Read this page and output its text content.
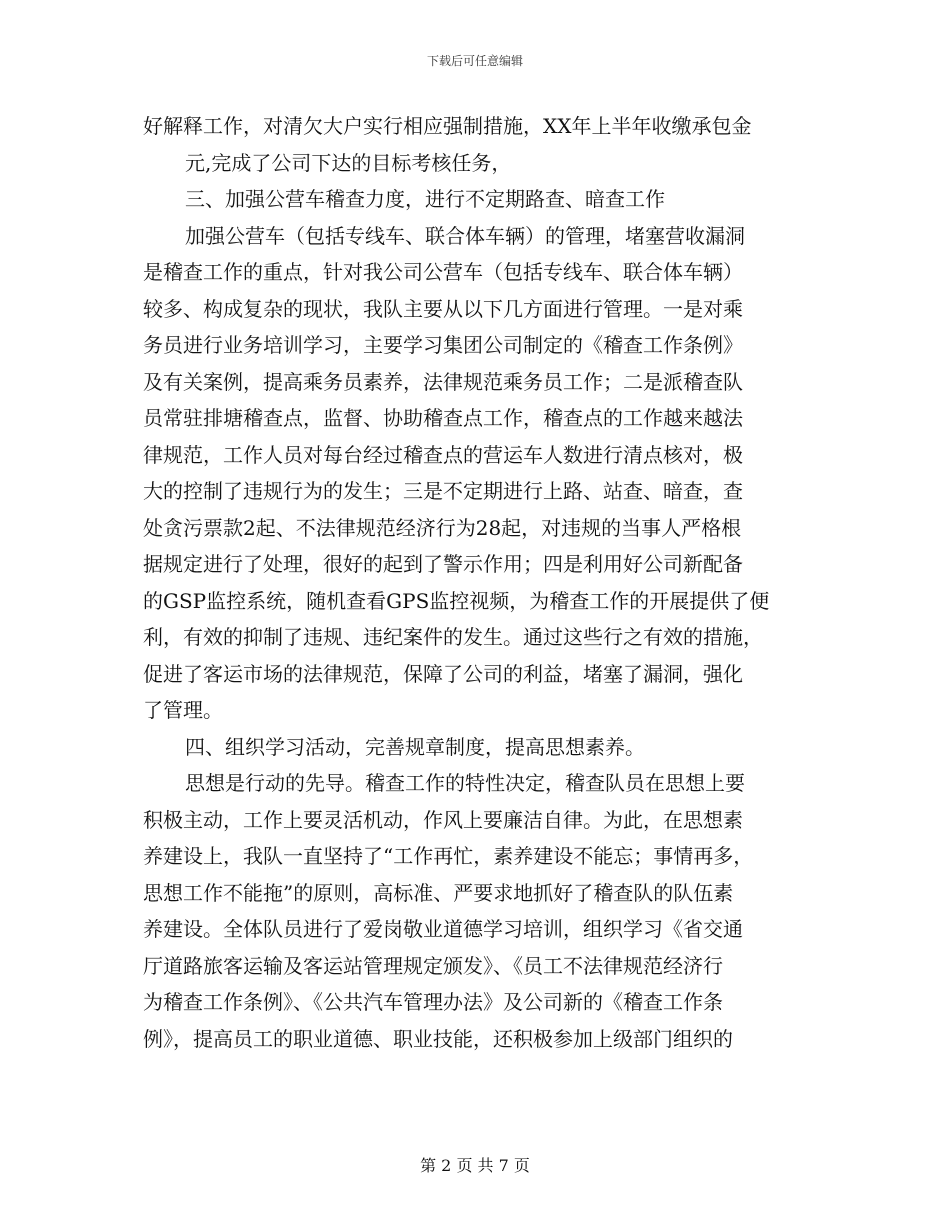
下载后可任意编辑
好解释工作，对清欠大户实行相应强制措施，XX年上半年收缴承包金
元,完成了公司下达的目标考核任务，
三、加强公营车稽查力度，进行不定期路查、暗查工作
加强公营车（包括专线车、联合体车辆）的管理，堵塞营收漏洞
是稽查工作的重点，针对我公司公营车（包括专线车、联合体车辆）
较多、构成复杂的现状，我队主要从以下几方面进行管理。一是对乘
务员进行业务培训学习，主要学习集团公司制定的《稽查工作条例》
及有关案例，提高乘务员素养，法律规范乘务员工作；二是派稽查队
员常驻排塘稽查点，监督、协助稽查点工作，稽查点的工作越来越法
律规范，工作人员对每台经过稽查点的营运车人数进行清点核对，极
大的控制了违规行为的发生；三是不定期进行上路、站查、暗查，查
处贪污票款2起、不法律规范经济行为28起，对违规的当事人严格根
据规定进行了处理，很好的起到了警示作用；四是利用好公司新配备
的GSP监控系统，随机查看GPS监控视频，为稽查工作的开展提供了便
利，有效的抑制了违规、违纪案件的发生。通过这些行之有效的措施，
促进了客运市场的法律规范，保障了公司的利益，堵塞了漏洞，强化
了管理。
四、组织学习活动，完善规章制度，提高思想素养。
思想是行动的先导。稽查工作的特性决定，稽查队员在思想上要
积极主动，工作上要灵活机动，作风上要廉洁自律。为此，在思想素
养建设上，我队一直坚持了“工作再忙，素养建设不能忘；事情再多，
思想工作不能拖”的原则，高标准、严要求地抓好了稽查队的队伍素
养建设。全体队员进行了爱岗敬业道德学习培训，组织学习《省交通
厅道路旅客运输及客运站管理规定颁发》、《员工不法律规范经济行
为稽查工作条例》、《公共汽车管理办法》及公司新的《稽查工作条
例》，提高员工的职业道德、职业技能，还积极参加上级部门组织的
第 2 页 共 7 页
